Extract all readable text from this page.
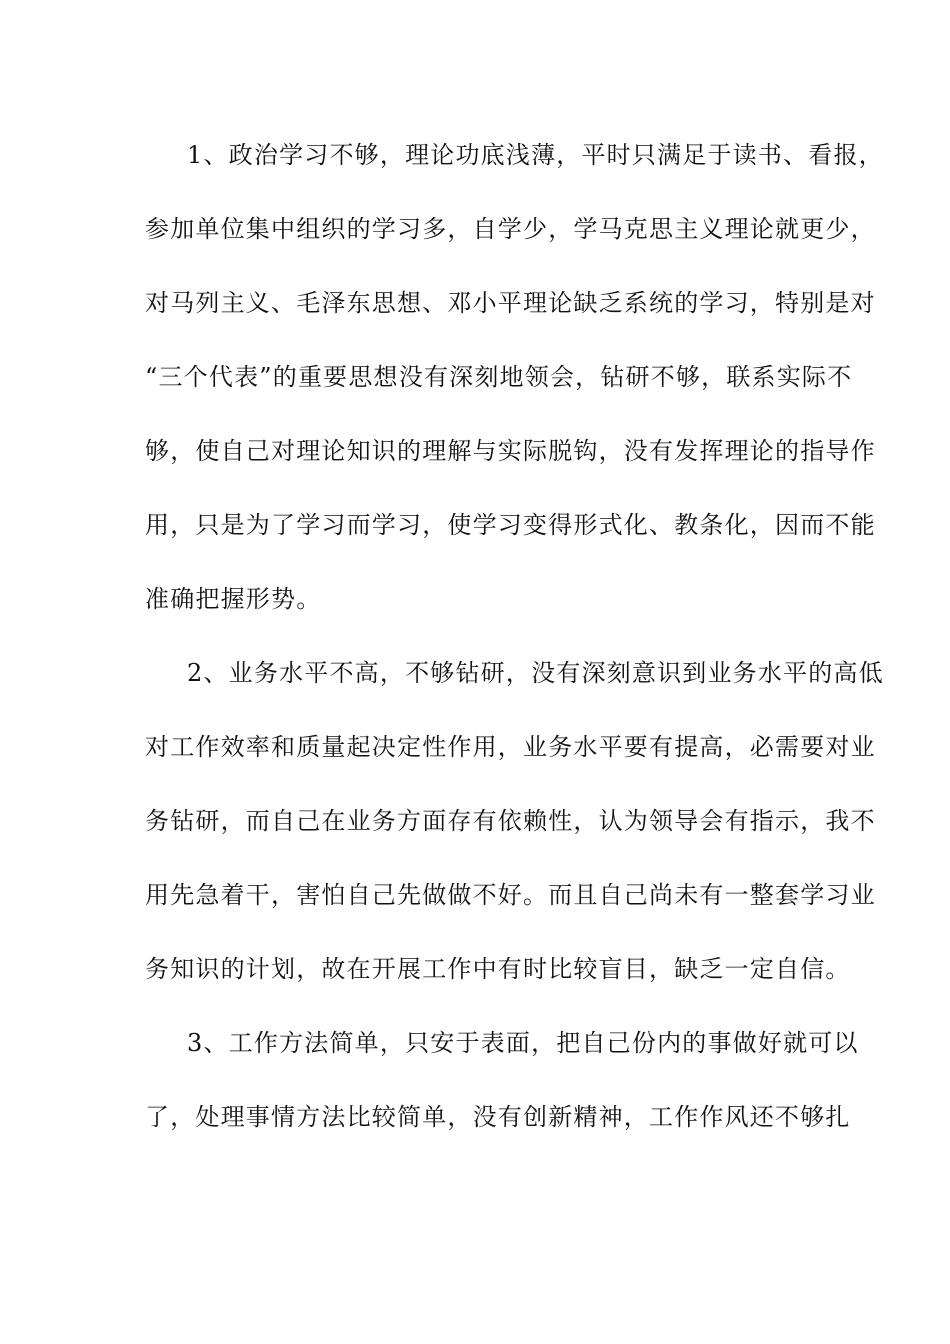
1、政治学习不够，理论功底浅薄，平时只满足于读书、看报，
参加单位集中组织的学习多，自学少，学马克思主义理论就更少，
对马列主义、毛泽东思想、邓小平理论缺乏系统的学习，特别是对
“三个代表”的重要思想没有深刻地领会，钻研不够，联系实际不
够，使自己对理论知识的理解与实际脱钩，没有发挥理论的指导作
用，只是为了学习而学习，使学习变得形式化、教条化，因而不能
准确把握形势。
2、业务水平不高，不够钻研，没有深刻意识到业务水平的高低
对工作效率和质量起决定性作用，业务水平要有提高，必需要对业
务钻研，而自己在业务方面存有依赖性，认为领导会有指示，我不
用先急着干，害怕自己先做做不好。而且自己尚未有一整套学习业
务知识的计划，故在开展工作中有时比较盲目，缺乏一定自信。
3、工作方法简单，只安于表面，把自己份内的事做好就可以
了，处理事情方法比较简单，没有创新精神，工作作风还不够扎
